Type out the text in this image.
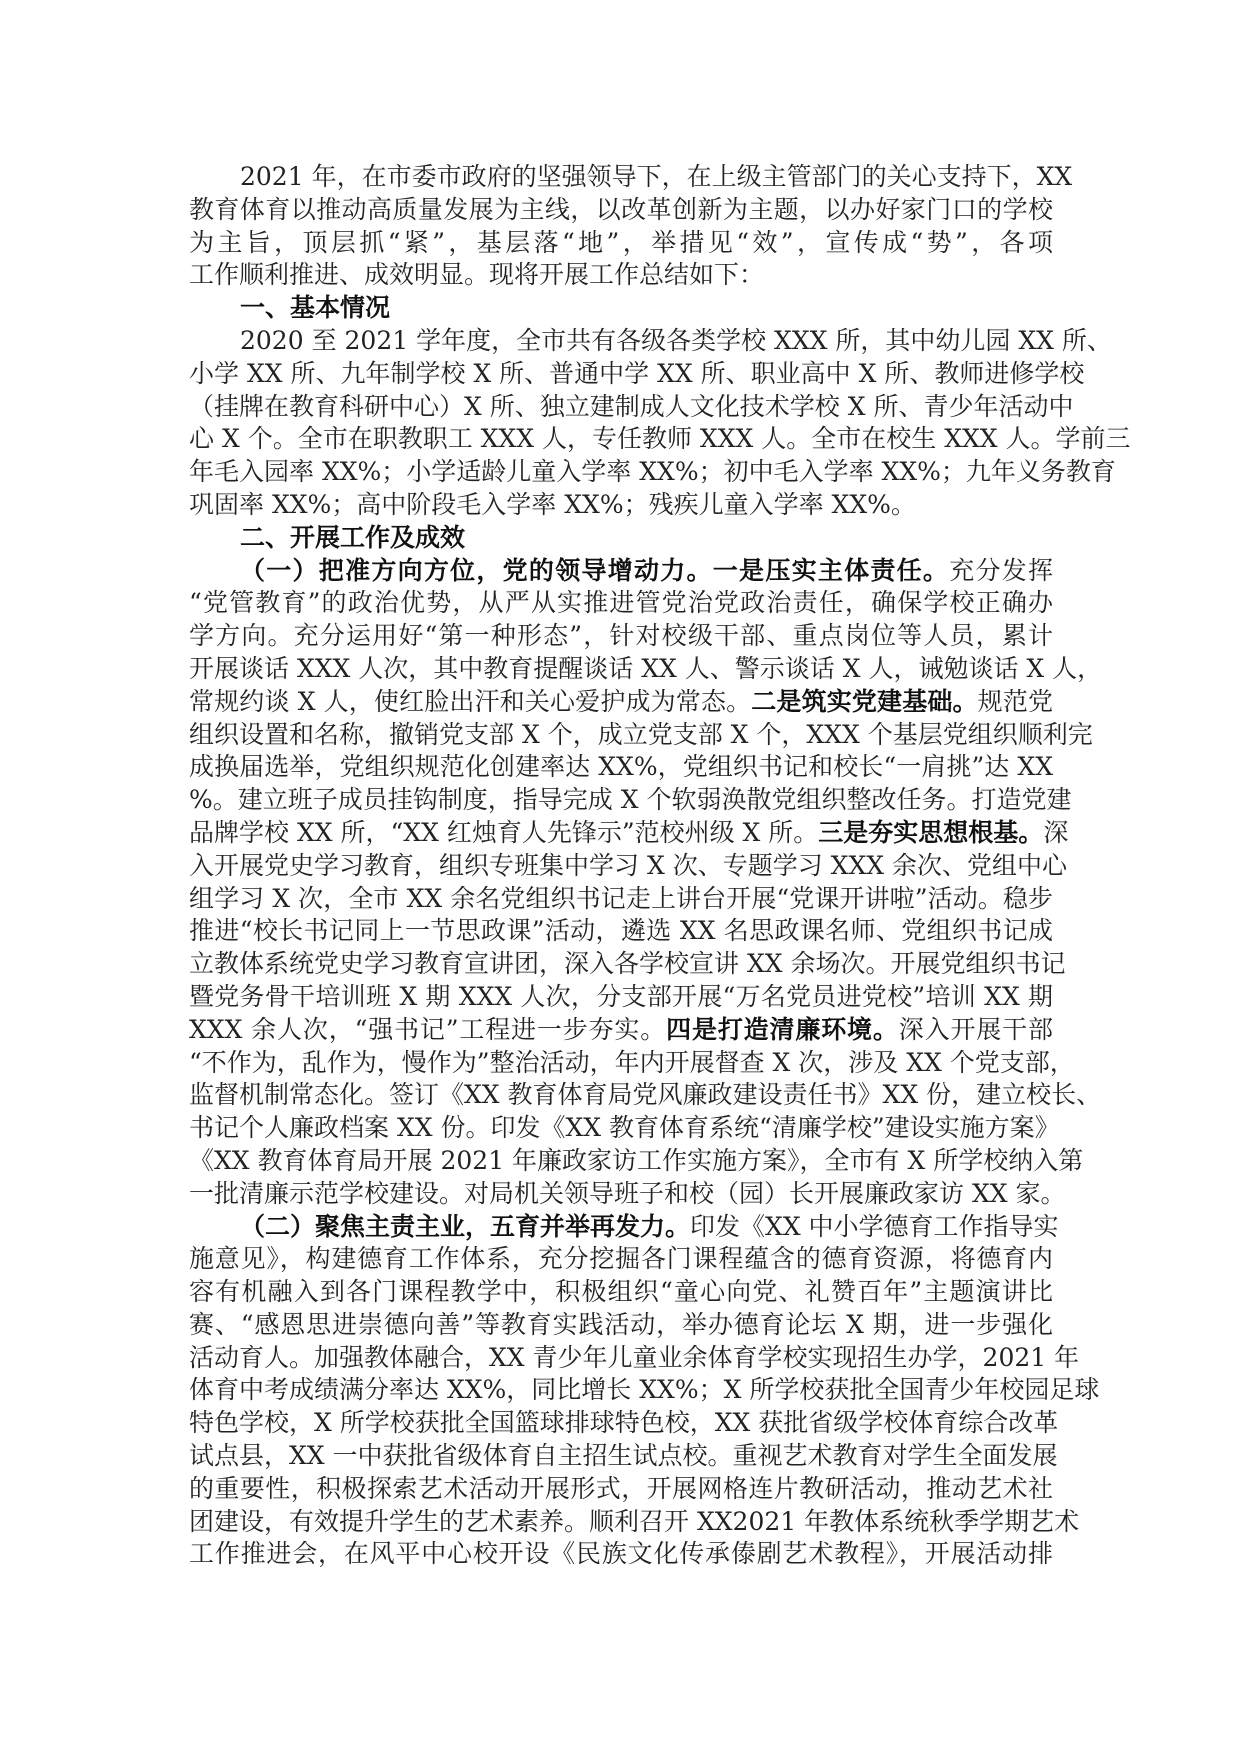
2021 年，在市委市政府的坚强领导下，在上级主管部门的关心支持下，XX
教育体育以推动高质量发展为主线，以改革创新为主题，以办好家门口的学校
为主旨，顶层抓“紧”，基层落“地”，举措见“效”，宣传成“势”，各项
工作顺利推进、成效明显。现将开展工作总结如下：
一、基本情况
2020 至 2021 学年度，全市共有各级各类学校 XXX 所，其中幼儿园 XX 所、
小学 XX 所、九年制学校 X 所、普通中学 XX 所、职业高中 X 所、教师进修学校
（挂牌在教育科研中心）X 所、独立建制成人文化技术学校 X 所、青少年活动中
心 X 个。全市在职教职工 XXX 人，专任教师 XXX 人。全市在校生 XXX 人。学前三
年毛入园率 XX%；小学适龄儿童入学率 XX%；初中毛入学率 XX%；九年义务教育
巩固率 XX%；高中阶段毛入学率 XX%；残疾儿童入学率 XX%。
二、开展工作及成效
（一）把准方向方位，党的领导增动力。一是压实主体责任。充分发挥
“党管教育”的政治优势，从严从实推进管党治党政治责任，确保学校正确办
学方向。充分运用好“第一种形态”，针对校级干部、重点岗位等人员，累计
开展谈话 XXX 人次，其中教育提醒谈话 XX 人、警示谈话 X 人，诫勉谈话 X 人，
常规约谈 X 人，使红脸出汗和关心爱护成为常态。二是筑实党建基础。规范党
组织设置和名称，撤销党支部 X 个，成立党支部 X 个，XXX 个基层党组织顺利完
成换届选举，党组织规范化创建率达 XX%，党组织书记和校长“一肩挑”达 XX
%。建立班子成员挂钩制度，指导完成 X 个软弱涣散党组织整改任务。打造党建
品牌学校 XX 所，“XX 红烛育人先锋示”范校州级 X 所。三是夯实思想根基。深
入开展党史学习教育，组织专班集中学习 X 次、专题学习 XXX 余次、党组中心
组学习 X 次，全市 XX 余名党组织书记走上讲台开展“党课开讲啦”活动。稳步
推进“校长书记同上一节思政课”活动，遴选 XX 名思政课名师、党组织书记成
立教体系统党史学习教育宣讲团，深入各学校宣讲 XX 余场次。开展党组织书记
暨党务骨干培训班 X 期 XXX 人次，分支部开展“万名党员进党校”培训 XX 期
XXX 余人次，“强书记”工程进一步夯实。四是打造清廉环境。深入开展干部
“不作为，乱作为，慢作为”整治活动，年内开展督查 X 次，涉及 XX 个党支部，
监督机制常态化。签订《XX 教育体育局党风廉政建设责任书》XX 份，建立校长、
书记个人廉政档案 XX 份。印发《XX 教育体育系统“清廉学校”建设实施方案》
《XX 教育体育局开展 2021 年廉政家访工作实施方案》，全市有 X 所学校纳入第
一批清廉示范学校建设。对局机关领导班子和校（园）长开展廉政家访 XX 家。
（二）聚焦主责主业，五育并举再发力。印发《XX 中小学德育工作指导实
施意见》，构建德育工作体系，充分挖掘各门课程蕴含的德育资源，将德育内
容有机融入到各门课程教学中，积极组织“童心向党、礼赞百年”主题演讲比
赛、“感恩思进崇德向善”等教育实践活动，举办德育论坛 X 期，进一步强化
活动育人。加强教体融合，XX 青少年儿童业余体育学校实现招生办学，2021 年
体育中考成绩满分率达 XX%，同比增长 XX%；X 所学校获批全国青少年校园足球
特色学校，X 所学校获批全国篮球排球特色校，XX 获批省级学校体育综合改革
试点县，XX 一中获批省级体育自主招生试点校。重视艺术教育对学生全面发展
的重要性，积极探索艺术活动开展形式，开展网格连片教研活动，推动艺术社
团建设，有效提升学生的艺术素养。顺利召开 XX2021 年教体系统秋季学期艺术
工作推进会，在风平中心校开设《民族文化传承傣剧艺术教程》，开展活动排
